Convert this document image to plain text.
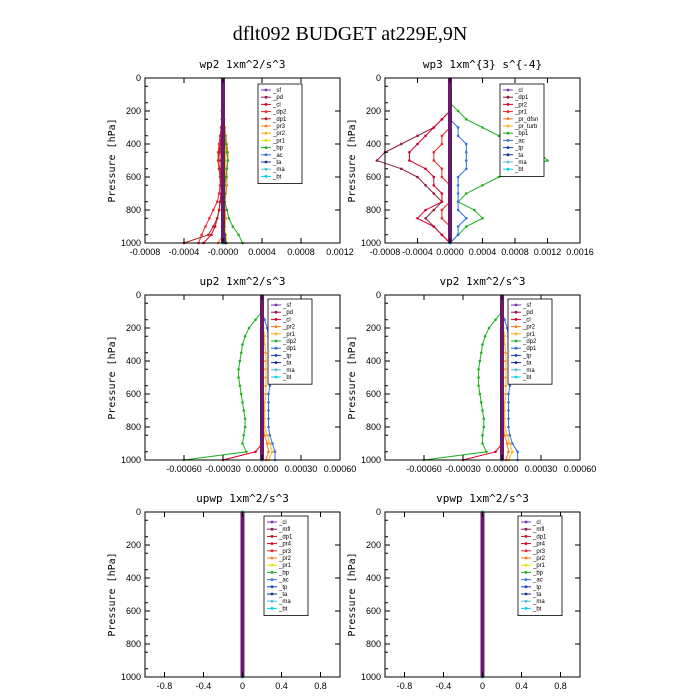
dflt092 BUDGET at229E,9N
wp2 1xm^2/s^3
Pressure [hPa]
0
200
400
600
800
1000
-0.0008 -0.0004 -0.0000 0.0004 0.0008 0.0012
_sf
_pd
_cl
_dp2
_dp1
_pr3
_pr2
_pr1
_bp
_ac
_ta
_ma
_bt
wp3 1xm^{3} s^{-4}
Pressure [hPa]
0
200
400
600
800
1000
-0.0008 -0.0004 0.0000 0.0004 0.0008 0.0012 0.0016
_cl
_dp1
_pr2
_pr1
_pr_dfsn
_pr_turb
_bp1
_ac
_tp
_ta
_ma
_bt
up2 1xm^2/s^3
Pressure [hPa]
0
200
400
600
800
1000
-0.00060 -0.00030 0.00000 0.00030 0.00060
_sf
_pd
_cl
_pr2
_pr1
_dp2
_dp1
_tp
_ta
_ma
_bt
vp2 1xm^2/s^3
Pressure [hPa]
0
200
400
600
800
1000
-0.00060 -0.00030 0.00000 0.00030 0.00060
_sf
_pd
_cl
_pr2
_pr1
_dp2
_dp1
_tp
_ta
_ma
_bt
upwp 1xm^2/s^3
Pressure [hPa]
0
200
400
600
800
1000
-0.8	-0.4	0	0.4	0.8
_cl
_mfl
_dp1
_pr4
_pr3
_pr2
_pr1
_bp
_ac
_tp
_ta
_ma
_bt
vpwp 1xm^2/s^3
Pressure [hPa]
0
200
400
600
800
1000
-0.8	-0.4	0	0.4	0.8
_cl
_mfl
_dp1
_pr4
_pr3
_pr2
_pr1
_bp
_ac
_tp
_ta
_ma
_bt
